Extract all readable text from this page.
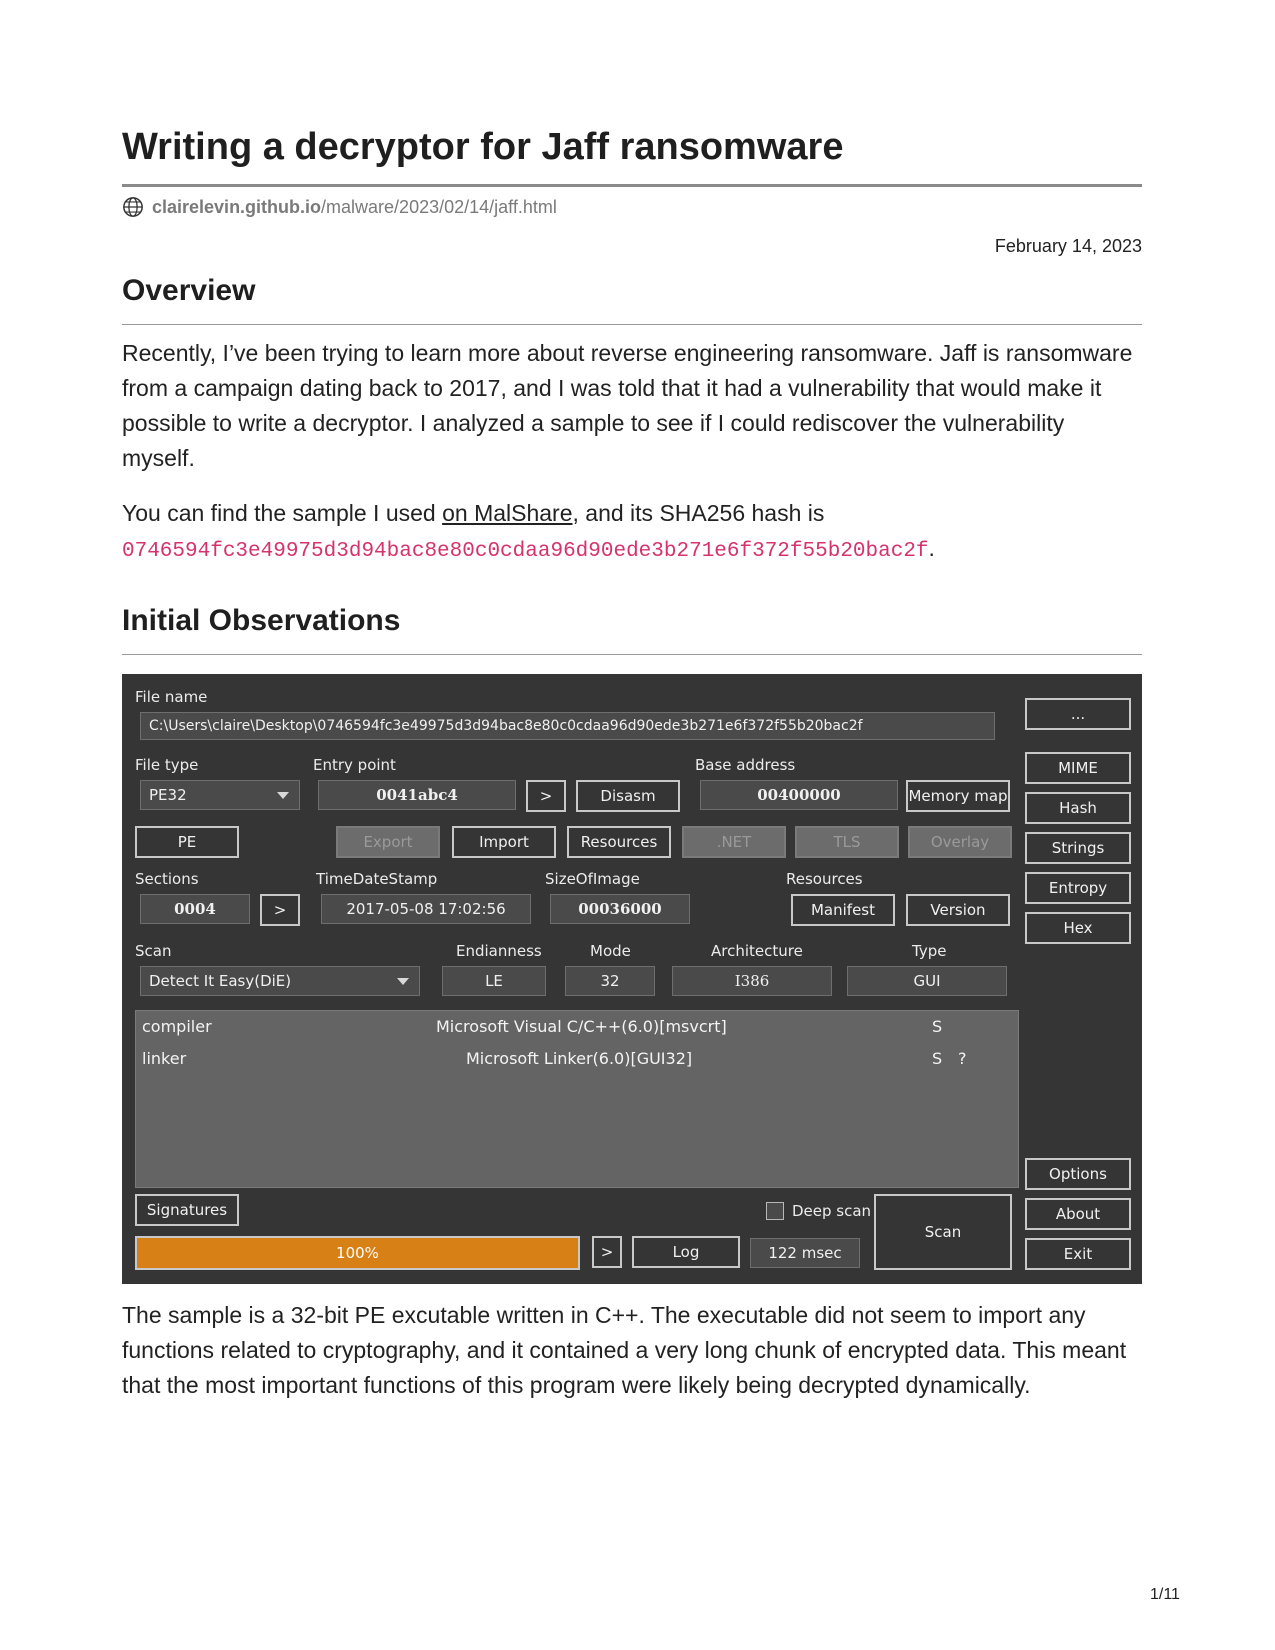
Writing a decryptor for Jaff ransomware
clairelevin.github.io /malware/2023/02/14/jaff.html
February 14, 2023
Overview

Recently, I’ve been trying to learn more about reverse engineering ransomware. Jaff is ransomware from a campaign dating back to 2017, and I was told that it had a vulnerability that would make it possible to write a decryptor. I analyzed a sample to see if I could rediscover the vulnerability myself.

You can find the sample I used on MalShare, and its SHA256 hash is
0746594fc3e49975d3d94bac8e80c0cdaa96d90ede3b271e6f372f55b20bac2f.

Initial Observations

The sample is a 32-bit PE excutable written in C++. The executable did not seem to import any functions related to cryptography, and it contained a very long chunk of encrypted data. This meant that the most important functions of this program were likely being decrypted dynamically.

File name
C:\Users\claire\Desktop\0746594fc3e49975d3d94bac8e80c0cdaa96d90ede3b271e6f372f55b20bac2f
...
File type
PE32
Entry point
0041abc4	>	Disasm
Base address
00400000	Memory map
PE	Export	Import	Resources	.NET	TLS	Overlay
Sections
0004	>
TimeDateStamp
2017-05-08 17:02:56
SizeOfImage
00036000
Resources
Manifest	Version
Scan
Detect It Easy(DiE)
Endianness
LE
Mode
32
Architecture
I386
Type
GUI
compiler	Microsoft Visual C/C++(6.0)[msvcrt]	S
linker	Microsoft Linker(6.0)[GUI32]	S ?
Signatures	Deep scan
Scan
100%	>	Log	122 msec
MIME
Hash
Strings
Entropy
Hex
Options
About
Exit
1/11
